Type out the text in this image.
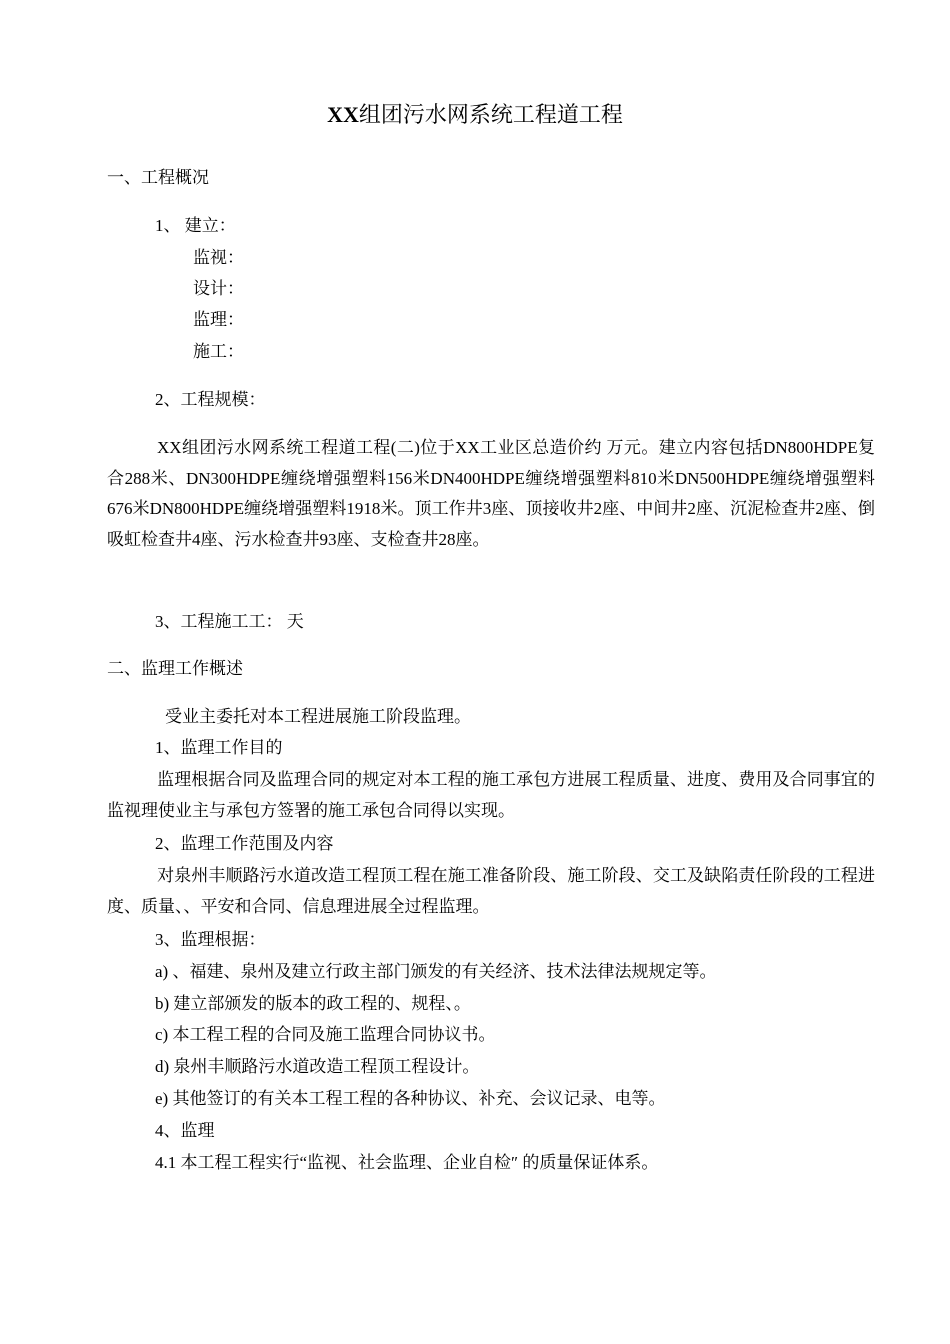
XX组团污水网系统工程道工程
一、工程概况
1、 建立：
监视：
设计：
监理：
施工：
2、工程规模：
XX组团污水网系统工程道工程(二)位于XX工业区总造价约 万元。建立内容包括DN800HDPE复合288米、DN300HDPE缠绕增强塑料156米DN400HDPE缠绕增强塑料810米DN500HDPE缠绕增强塑料676米DN800HDPE缠绕增强塑料1918米。顶工作井3座、顶接收井2座、中间井2座、沉泥检查井2座、倒吸虹检查井4座、污水检查井93座、支检查井28座。
3、工程施工工： 天
二、监理工作概述
受业主委托对本工程进展施工阶段监理。
1、监理工作目的
监理根据合同及监理合同的规定对本工程的施工承包方进展工程质量、进度、费用及合同事宜的监视理使业主与承包方签署的施工承包合同得以实现。
2、监理工作范围及内容
对泉州丰顺路污水道改造工程顶工程在施工准备阶段、施工阶段、交工及缺陷责任阶段的工程进度、质量、、平安和合同、信息理进展全过程监理。
3、监理根据：
a) 、福建、泉州及建立行政主部门颁发的有关经济、技术法律法规规定等。
b) 建立部颁发的版本的政工程的、规程、。
c) 本工程工程的合同及施工监理合同协议书。
d) 泉州丰顺路污水道改造工程顶工程设计。
e) 其他签订的有关本工程工程的各种协议、补充、会议记录、电等。
4、监理
4.1 本工程工程实行“监视、社会监理、企业自检″ 的质量保证体系。
